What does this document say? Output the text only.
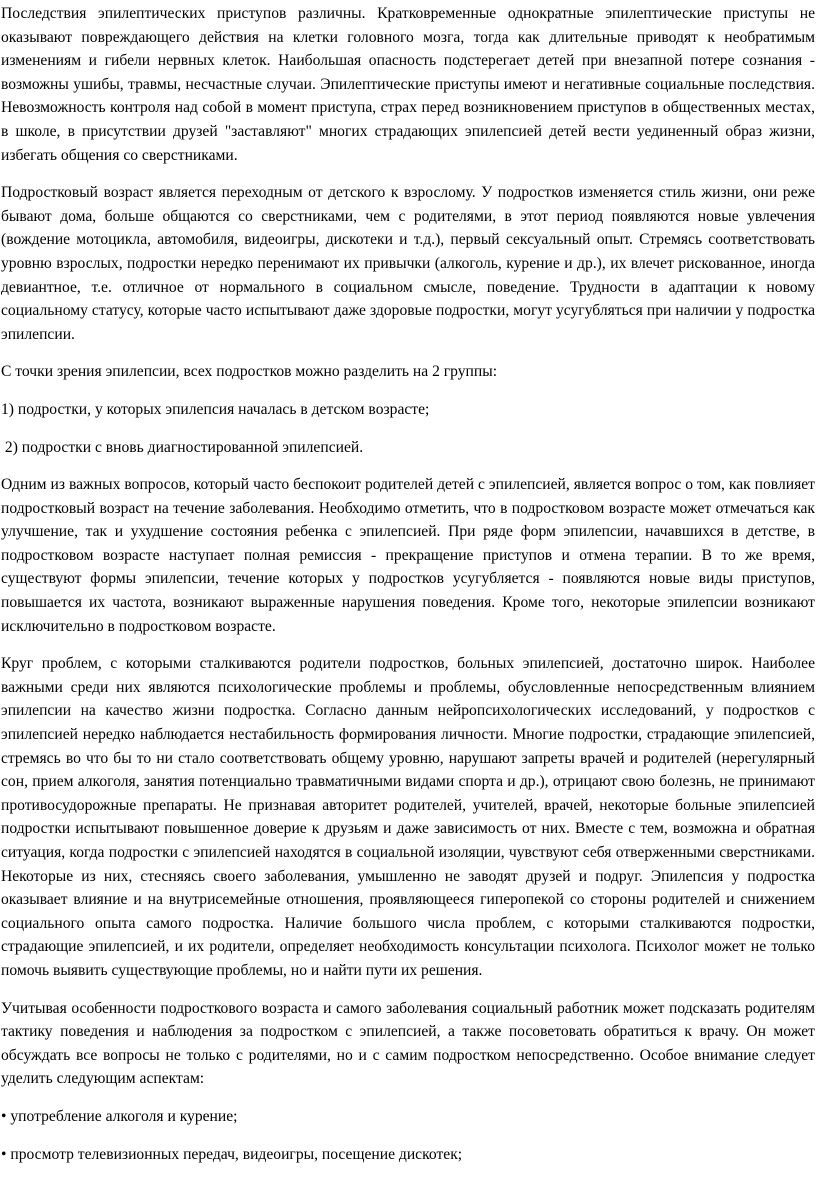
Последствия эпилептических приступов различны. Кратковременные однократные эпилептические приступы не оказывают повреждающего действия на клетки головного мозга, тогда как длительные приводят к необратимым изменениям и гибели нервных клеток. Наибольшая опасность подстерегает детей при внезапной потере сознания - возможны ушибы, травмы, несчастные случаи. Эпилептические приступы имеют и негативные социальные последствия. Невозможность контроля над собой в момент приступа, страх перед возникновением приступов в общественных местах, в школе, в присутствии друзей "заставляют" многих страдающих эпилепсией детей вести уединенный образ жизни, избегать общения со сверстниками.

Подростковый возраст является переходным от детского к взрослому. У подростков изменяется стиль жизни, они реже бывают дома, больше общаются со сверстниками, чем с родителями, в этот период появляются новые увлечения (вождение мотоцикла, автомобиля, видеоигры, дискотеки и т.д.), первый сексуальный опыт. Стремясь соответствовать уровню взрослых, подростки нередко перенимают их привычки (алкоголь, курение и др.), их влечет рискованное, иногда девиантное, т.е. отличное от нормального в социальном смысле, поведение. Трудности в адаптации к новому социальному статусу, которые часто испытывают даже здоровые подростки, могут усугубляться при наличии у подростка эпилепсии.

С точки зрения эпилепсии, всех подростков можно разделить на 2 группы:

1) подростки, у которых эпилепсия началась в детском возрасте;

2) подростки с вновь диагностированной эпилепсией.

Одним из важных вопросов, который часто беспокоит родителей детей с эпилепсией, является вопрос о том, как повлияет подростковый возраст на течение заболевания. Необходимо отметить, что в подростковом возрасте может отмечаться как улучшение, так и ухудшение состояния ребенка с эпилепсией. При ряде форм эпилепсии, начавшихся в детстве, в подростковом возрасте наступает полная ремиссия - прекращение приступов и отмена терапии. В то же время, существуют формы эпилепсии, течение которых у подростков усугубляется - появляются новые виды приступов, повышается их частота, возникают выраженные нарушения поведения. Кроме того, некоторые эпилепсии возникают исключительно в подростковом возрасте.

Круг проблем, с которыми сталкиваются родители подростков, больных эпилепсией, достаточно широк. Наиболее важными среди них являются психологические проблемы и проблемы, обусловленные непосредственным влиянием эпилепсии на качество жизни подростка. Согласно данным нейропсихологических исследований, у подростков с эпилепсией нередко наблюдается нестабильность формирования личности. Многие подростки, страдающие эпилепсией, стремясь во что бы то ни стало соответствовать общему уровню, нарушают запреты врачей и родителей (нерегулярный сон, прием алкоголя, занятия потенциально травматичными видами спорта и др.), отрицают свою болезнь, не принимают противосудорожные препараты. Не признавая авторитет родителей, учителей, врачей, некоторые больные эпилепсией подростки испытывают повышенное доверие к друзьям и даже зависимость от них. Вместе с тем, возможна и обратная ситуация, когда подростки с эпилепсией находятся в социальной изоляции, чувствуют себя отверженными сверстниками. Некоторые из них, стесняясь своего заболевания, умышленно не заводят друзей и подруг. Эпилепсия у подростка оказывает влияние и на внутрисемейные отношения, проявляющееся гиперопекой со стороны родителей и снижением социального опыта самого подростка. Наличие большого числа проблем, с которыми сталкиваются подростки, страдающие эпилепсией, и их родители, определяет необходимость консультации психолога. Психолог может не только помочь выявить существующие проблемы, но и найти пути их решения.

Учитывая особенности подросткового возраста и самого заболевания социальный работник может подсказать родителям тактику поведения и наблюдения за подростком с эпилепсией, а также посоветовать обратиться к врачу. Он может обсуждать все вопросы не только с родителями, но и с самим подростком непосредственно. Особое внимание следует уделить следующим аспектам:

• употребление алкоголя и курение;

• просмотр телевизионных передач, видеоигры, посещение дискотек;
